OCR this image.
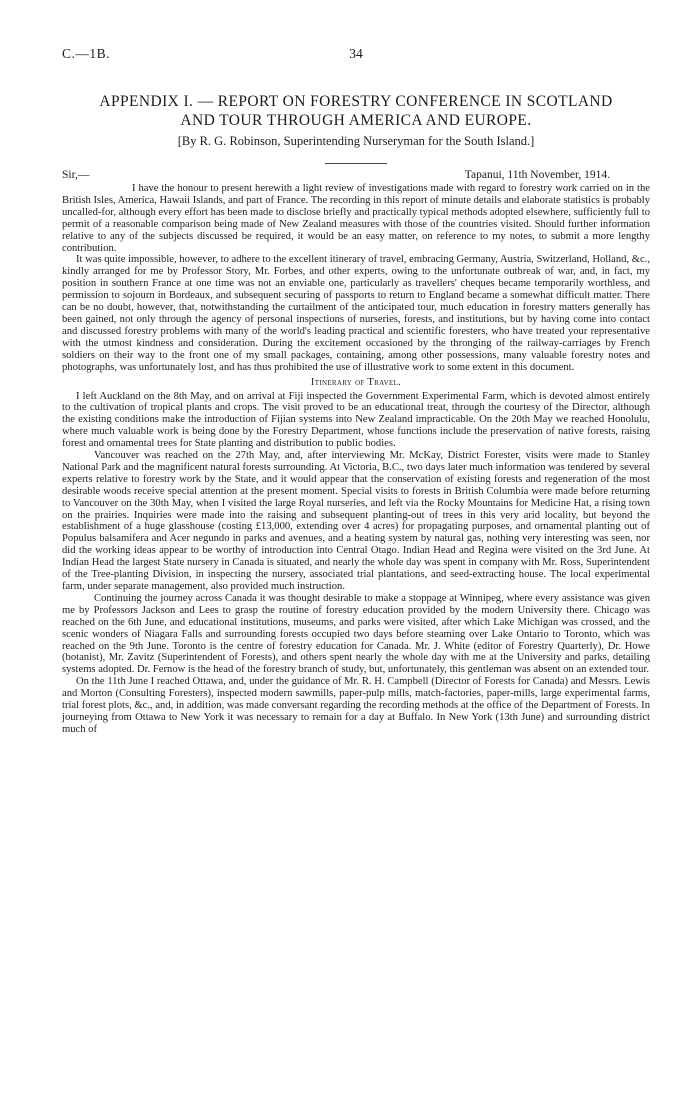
C.—1B.	34
APPENDIX I. — REPORT ON FORESTRY CONFERENCE IN SCOTLAND
AND TOUR THROUGH AMERICA AND EUROPE.
[By R. G. Robinson, Superintending Nurseryman for the South Island.]
Sir,—	Tapanui, 11th November, 1914.

I have the honour to present herewith a light review of investigations made with regard to forestry work carried on in the British Isles, America, Hawaii Islands, and part of France. The recording in this report of minute details and elaborate statistics is probably uncalled-for, although every effort has been made to disclose briefly and practically typical methods adopted elsewhere, sufficiently full to permit of a reasonable comparison being made of New Zealand measures with those of the countries visited. Should further information relative to any of the subjects discussed be required, it would be an easy matter, on reference to my notes, to submit a more lengthy contribution.

It was quite impossible, however, to adhere to the excellent itinerary of travel, embracing Germany, Austria, Switzerland, Holland, &c., kindly arranged for me by Professor Story, Mr. Forbes, and other experts, owing to the unfortunate outbreak of war, and, in fact, my position in southern France at one time was not an enviable one, particularly as travellers' cheques became temporarily worthless, and permission to sojourn in Bordeaux, and subsequent securing of passports to return to England became a somewhat difficult matter. There can be no doubt, however, that, notwithstanding the curtailment of the anticipated tour, much education in forestry matters generally has been gained, not only through the agency of personal inspections of nurseries, forests, and institutions, but by having come into contact and discussed forestry problems with many of the world's leading practical and scientific foresters, who have treated your representative with the utmost kindness and consideration. During the excitement occasioned by the thronging of the railway-carriages by French soldiers on their way to the front one of my small packages, containing, among other possessions, many valuable forestry notes and photographs, was unfortunately lost, and has thus prohibited the use of illustrative work to some extent in this document.

Itinerary of Travel.

I left Auckland on the 8th May, and on arrival at Fiji inspected the Government Experimental Farm, which is devoted almost entirely to the cultivation of tropical plants and crops. The visit proved to be an educational treat, through the courtesy of the Director, although the existing conditions make the introduction of Fijian systems into New Zealand impracticable. On the 20th May we reached Honolulu, where much valuable work is being done by the Forestry Department, whose functions include the preservation of native forests, raising forest and ornamental trees for State planting and distribution to public bodies.

Vancouver was reached on the 27th May, and, after interviewing Mr. McKay, District Forester, visits were made to Stanley National Park and the magnificent natural forests surrounding. At Victoria, B.C., two days later much information was tendered by several experts relative to forestry work by the State, and it would appear that the conservation of existing forests and regeneration of the most desirable woods receive special attention at the present moment. Special visits to forests in British Columbia were made before returning to Vancouver on the 30th May, when I visited the large Royal nurseries, and left via the Rocky Mountains for Medicine Hat, a rising town on the prairies. Inquiries were made into the raising and subsequent planting-out of trees in this very arid locality, but beyond the establishment of a huge glasshouse (costing £13,000, extending over 4 acres) for propagating purposes, and ornamental planting out of Populus balsamifera and Acer negundo in parks and avenues, and a heating system by natural gas, nothing very interesting was seen, nor did the working ideas appear to be worthy of introduction into Central Otago. Indian Head and Regina were visited on the 3rd June. At Indian Head the largest State nursery in Canada is situated, and nearly the whole day was spent in company with Mr. Ross, Superintendent of the Tree-planting Division, in inspecting the nursery, associated trial plantations, and seed-extracting house. The local experimental farm, under separate management, also provided much instruction.

Continuing the journey across Canada it was thought desirable to make a stoppage at Winnipeg, where every assistance was given me by Professors Jackson and Lees to grasp the routine of forestry education provided by the modern University there. Chicago was reached on the 6th June, and educational institutions, museums, and parks were visited, after which Lake Michigan was crossed, and the scenic wonders of Niagara Falls and surrounding forests occupied two days before steaming over Lake Ontario to Toronto, which was reached on the 9th June. Toronto is the centre of forestry education for Canada. Mr. J. White (editor of Forestry Quarterly), Dr. Howe (botanist), Mr. Zavitz (Superintendent of Forests), and others spent nearly the whole day with me at the University and parks, detailing systems adopted. Dr. Fernow is the head of the forestry branch of study, but, unfortunately, this gentleman was absent on an extended tour.

On the 11th June I reached Ottawa, and, under the guidance of Mr. R. H. Campbell (Director of Forests for Canada) and Messrs. Lewis and Morton (Consulting Foresters), inspected modern sawmills, paper-pulp mills, match-factories, paper-mills, large experimental farms, trial forest plots, &c., and, in addition, was made conversant regarding the recording methods at the office of the Department of Forests. In journeying from Ottawa to New York it was necessary to remain for a day at Buffalo. In New York (13th June) and surrounding district much of
